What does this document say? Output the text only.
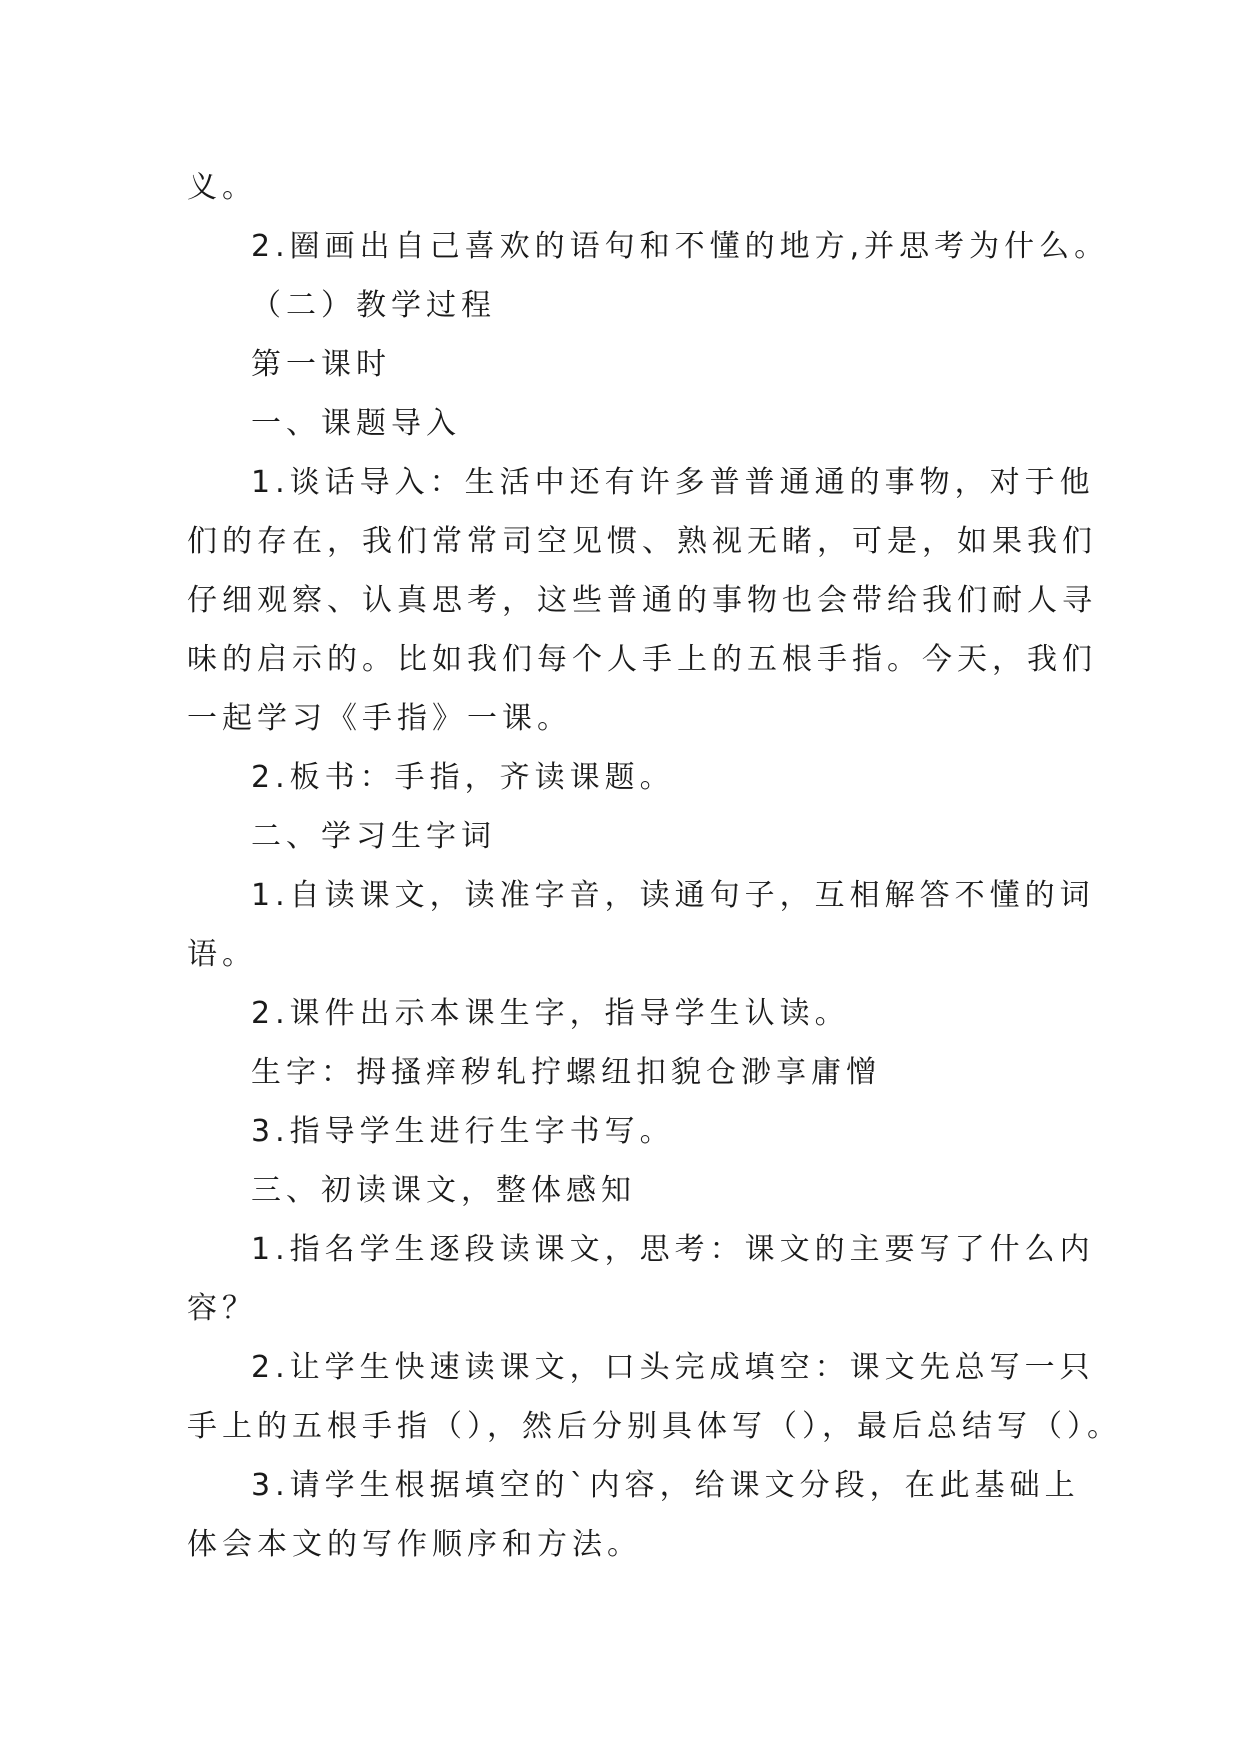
义。
2.圈画出自己喜欢的语句和不懂的地方,并思考为什么。
（二）教学过程
第一课时
一、课题导入
1.谈话导入：生活中还有许多普普通通的事物，对于他
们的存在，我们常常司空见惯、熟视无睹，可是，如果我们
仔细观察、认真思考，这些普通的事物也会带给我们耐人寻
味的启示的。比如我们每个人手上的五根手指。今天，我们
一起学习《手指》一课。
2.板书：手指，齐读课题。
二、学习生字词
1.自读课文，读准字音，读通句子，互相解答不懂的词
语。
2.课件出示本课生字，指导学生认读。
生字：拇搔痒秽轧拧螺纽扣貌仓渺享庸憎
3.指导学生进行生字书写。
三、初读课文，整体感知
1.指名学生逐段读课文，思考：课文的主要写了什么内
容？
2.让学生快速读课文，口头完成填空：课文先总写一只
手上的五根手指（），然后分别具体写（），最后总结写（）。
3.请学生根据填空的`内容，给课文分段，在此基础上
体会本文的写作顺序和方法。
